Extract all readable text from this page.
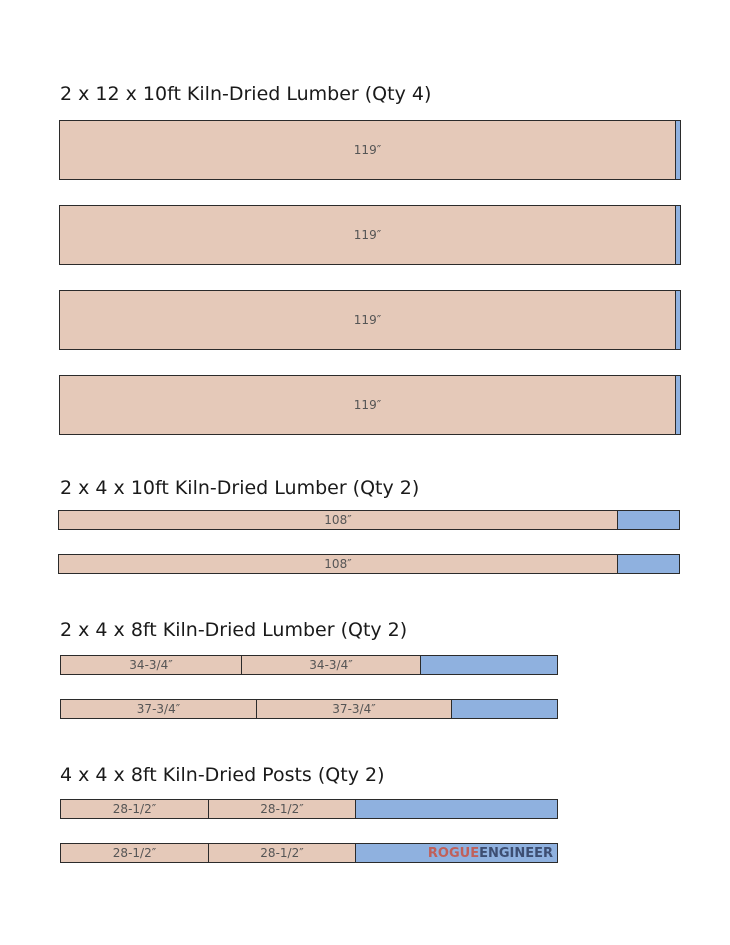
2 x 12 x 10ft Kiln-Dried Lumber (Qty 4)
119″
119″
119″
119″
2 x 4 x 10ft Kiln-Dried Lumber (Qty 2)
108″
108″
2 x 4 x 8ft Kiln-Dried Lumber (Qty 2)
34-3/4″	34-3/4″
37-3/4″	37-3/4″
4 x 4 x 8ft Kiln-Dried Posts (Qty 2)
28-1/2″	28-1/2″
28-1/2″	28-1/2″	ROGUEENGINEER
